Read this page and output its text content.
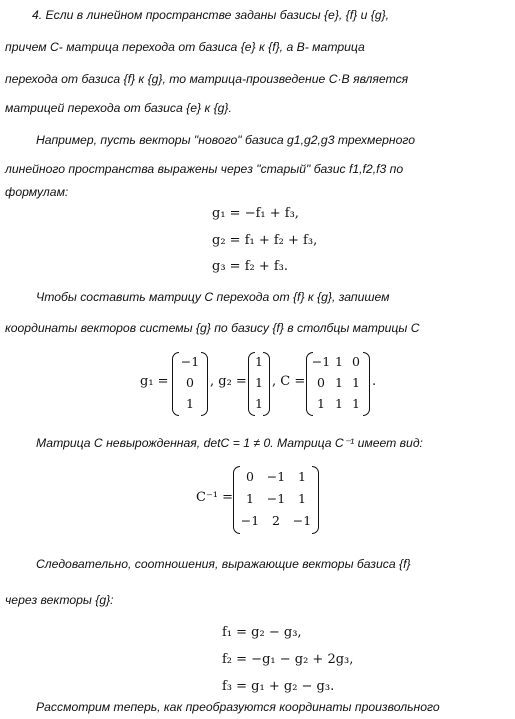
4. Если в линейном пространстве заданы базисы {e}, {f} и {g},
причем C- матрица перехода от базиса {e} к {f}, а B- матрица
перехода от базиса {f} к {g}, то матрица-произведение C·B является
матрицей перехода от базиса {e} к {g}.
Например, пусть векторы "нового" базиса g1,g2,g3 трехмерного
линейного пространства выражены через "старый" базис f1,f2,f3 по
формулам:
g₁ = −f₁ + f₃,
g₂ = f₁ + f₂ + f₃,
g₃ = f₂ + f₃.
Чтобы составить матрицу C перехода от {f} к {g}, запишем
координаты векторов системы {g} по базису {f} в столбцы матрицы C
g₁ =
−1
0
1
, g₂ =
1
1
1
, C =
−1 1 0
0 1 1
1 1 1
.
Матрица C невырожденная, detC = 1 ≠ 0. Матрица C⁻¹ имеет вид:
C⁻¹ =
0	−1	1
1	−1	1
−1	2	−1
Следовательно, соотношения, выражающие векторы базиса {f}
через векторы {g}:
f₁ = g₂ − g₃,
f₂ = −g₁ − g₂ + 2g₃,
f₃ = g₁ + g₂ − g₃.
Рассмотрим теперь, как преобразуются координаты произвольного
